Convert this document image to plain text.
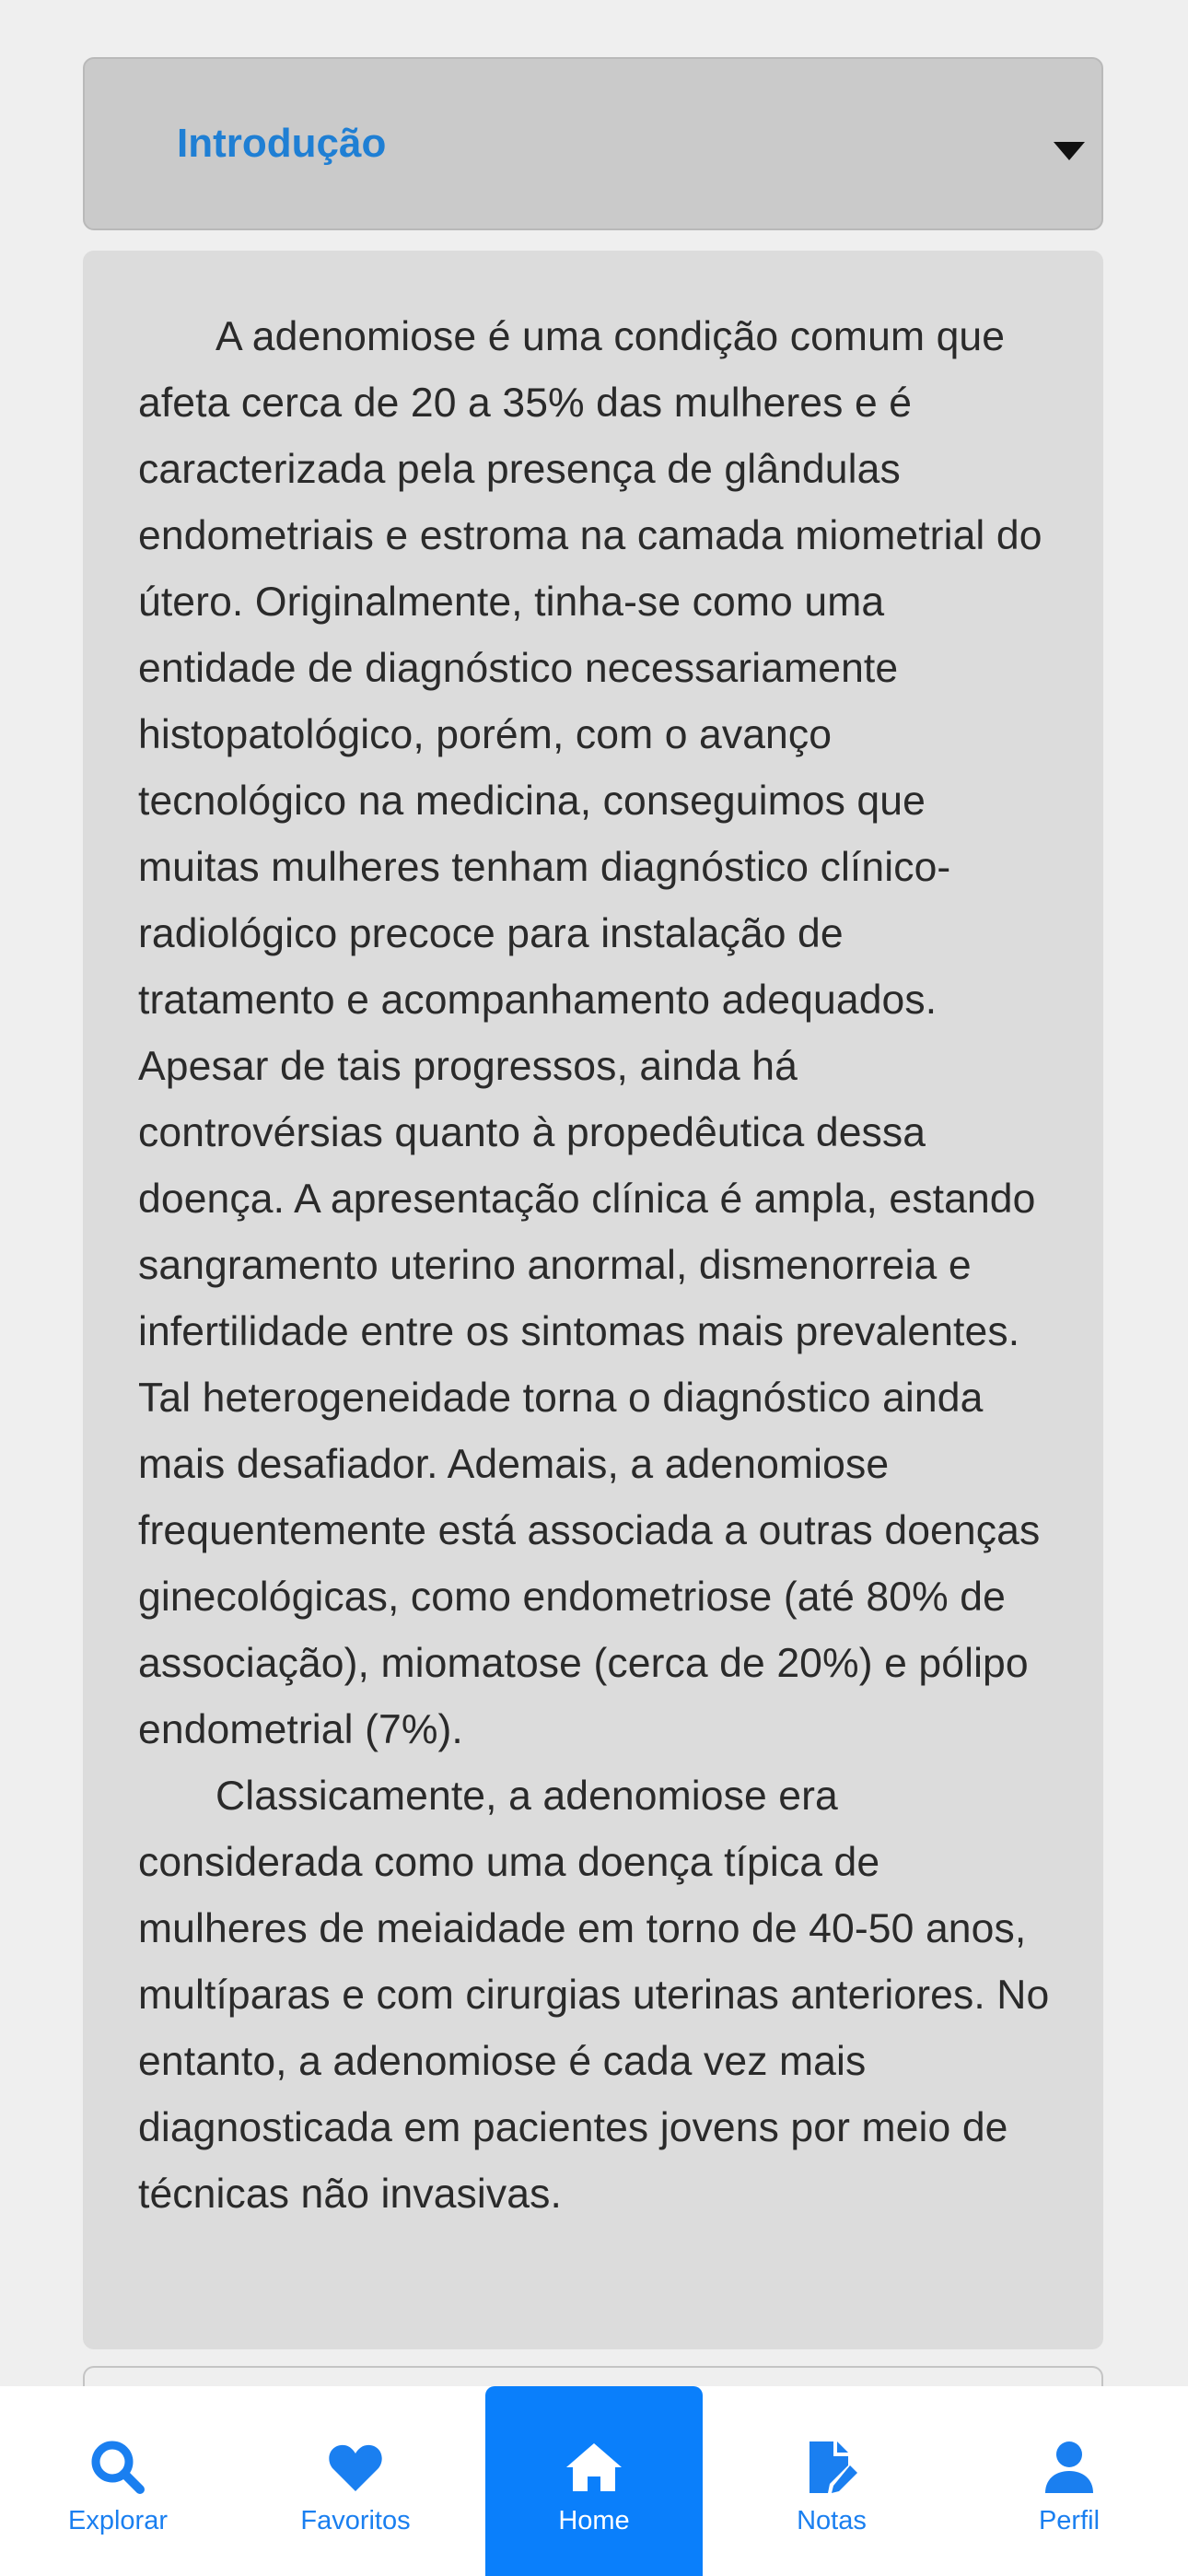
Introdução

A adenomiose é uma condição comum que afeta cerca de 20 a 35% das mulheres e é caracterizada pela presença de glândulas endometriais e estroma na camada miometrial do útero. Originalmente, tinha-se como uma entidade de diagnóstico necessariamente histopatológico, porém, com o avanço tecnológico na medicina, conseguimos que muitas mulheres tenham diagnóstico clínico-radiológico precoce para instalação de tratamento e acompanhamento adequados. Apesar de tais progressos, ainda há controvérsias quanto à propedêutica dessa doença. A apresentação clínica é ampla, estando sangramento uterino anormal, dismenorreia e infertilidade entre os sintomas mais prevalentes. Tal heterogeneidade torna o diagnóstico ainda mais desafiador. Ademais, a adenomiose frequentemente está associada a outras doenças ginecológicas, como endometriose (até 80% de associação), miomatose (cerca de 20%) e pólipo endometrial (7%).

Classicamente, a adenomiose era considerada como uma doença típica de mulheres de meiaidade em torno de 40-50 anos, multíparas e com cirurgias uterinas anteriores. No entanto, a adenomiose é cada vez mais diagnosticada em pacientes jovens por meio de técnicas não invasivas.

Explorar	Favoritos	Home	Notas	Perfil
